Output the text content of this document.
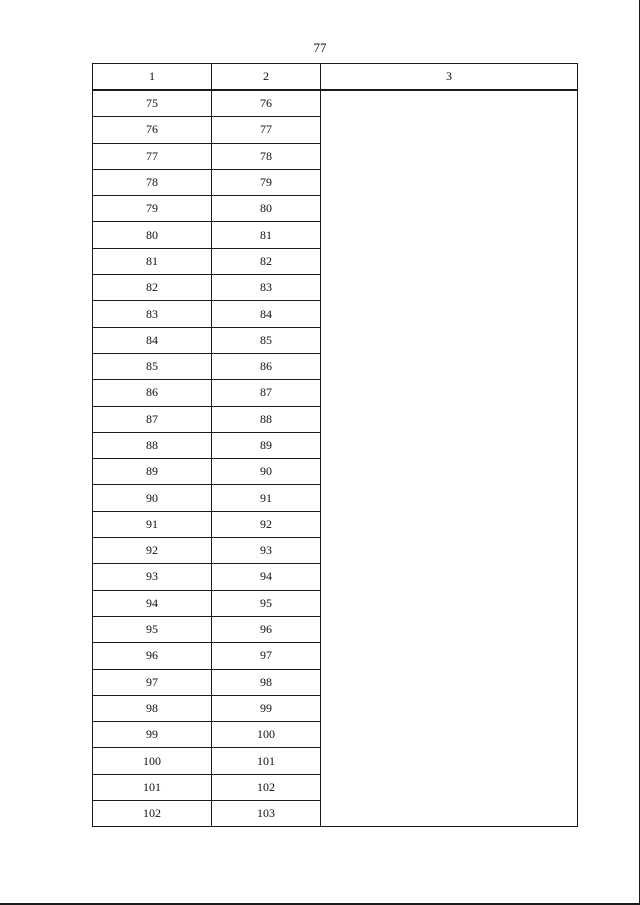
77
1	2	3
75	76	
76	77	
77	78	
78	79	
79	80	
80	81	
81	82	
82	83	
83	84	
84	85	
85	86	
86	87	
87	88	
88	89	
89	90	
90	91	
91	92	
92	93	
93	94	
94	95	
95	96	
96	97	
97	98	
98	99	
99	100	
100	101	
101	102	
102	103	
